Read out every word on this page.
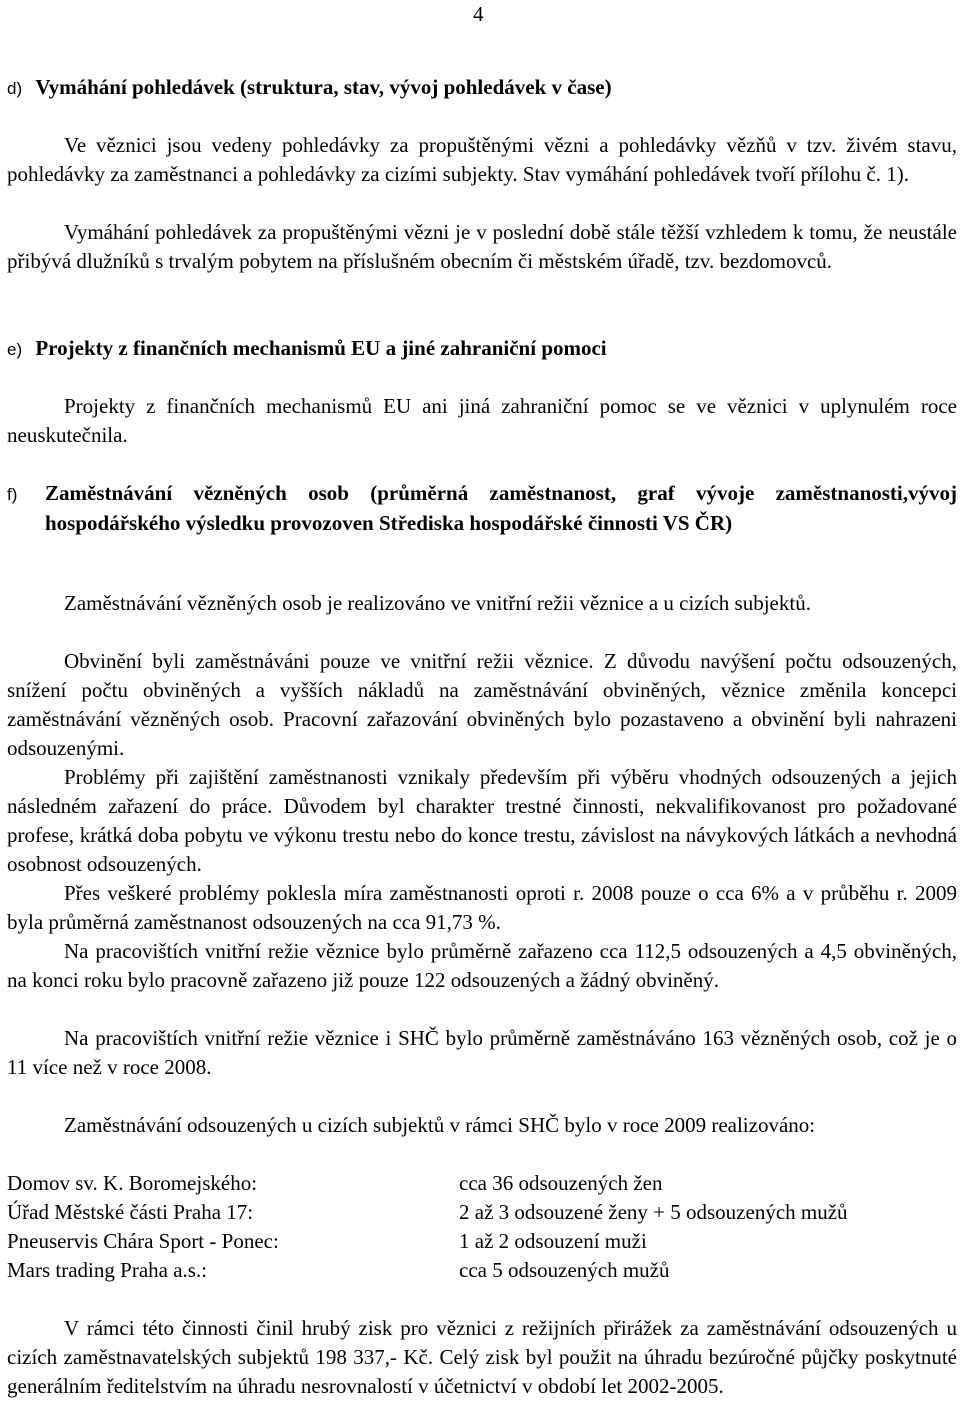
4
d) Vymáhání pohledávek (struktura, stav, vývoj pohledávek v čase)

Ve věznici jsou vedeny pohledávky za propuštěnými vězni a pohledávky vězňů v tzv. živém stavu, pohledávky za zaměstnanci a pohledávky za cizími subjekty. Stav vymáhání pohledávek tvoří přílohu č. 1).

Vymáhání pohledávek za propuštěnými vězni je v poslední době stále těžší vzhledem k tomu, že neustále přibývá dlužníků s trvalým pobytem na příslušném obecním či městském úřadě, tzv. bezdomovců.

e) Projekty z finančních mechanismů EU a jiné zahraniční pomoci

Projekty z finančních mechanismů EU ani jiná zahraniční pomoc se ve věznici v uplynulém roce neuskutečnila.

f) Zaměstnávání vězněných osob (průměrná zaměstnanost, graf vývoje zaměstnanosti,vývoj hospodářského výsledku provozoven Střediska hospodářské činnosti VS ČR)

Zaměstnávání vězněných osob je realizováno ve vnitřní režii věznice a u cizích subjektů.

Obvinění byli zaměstnáváni pouze ve vnitřní režii věznice. Z důvodu navýšení počtu odsouzených, snížení počtu obviněných a vyšších nákladů na zaměstnávání obviněných, věznice změnila koncepci zaměstnávání vězněných osob. Pracovní zařazování obviněných bylo pozastaveno a obvinění byli nahrazeni odsouzenými.

Problémy při zajištění zaměstnanosti vznikaly především při výběru vhodných odsouzených a jejich následném zařazení do práce. Důvodem byl charakter trestné činnosti, nekvalifikovanost pro požadované profese, krátká doba pobytu ve výkonu trestu nebo do konce trestu, závislost na návykových látkách a nevhodná osobnost odsouzených.

Přes veškeré problémy poklesla míra zaměstnanosti oproti r. 2008 pouze o cca 6% a v průběhu r. 2009 byla průměrná zaměstnanost odsouzených na cca 91,73 %.

Na pracovištích vnitřní režie věznice bylo průměrně zařazeno cca 112,5 odsouzených a 4,5 obviněných, na konci roku bylo pracovně zařazeno již pouze 122 odsouzených a žádný obviněný.

Na pracovištích vnitřní režie věznice i SHČ bylo průměrně zaměstnáváno 163 vězněných osob, což je o 11 více než v roce 2008.

Zaměstnávání odsouzených u cizích subjektů v rámci SHČ bylo v roce 2009 realizováno:

Domov sv. K. Boromejského:	cca 36 odsouzených žen
Úřad Městské části Praha 17:	2 až 3 odsouzené ženy + 5 odsouzených mužů
Pneuservis Chára Sport - Ponec:	1 až 2 odsouzení muži
Mars trading Praha a.s.:	cca 5 odsouzených mužů

V rámci této činnosti činil hrubý zisk pro věznici z režijních přirážek za zaměstnávání odsouzených u cizích zaměstnavatelských subjektů 198 337,- Kč. Celý zisk byl použit na úhradu bezúročné půjčky poskytnuté generálním ředitelstvím na úhradu nesrovnalostí v účetnictví v období let 2002-2005.
